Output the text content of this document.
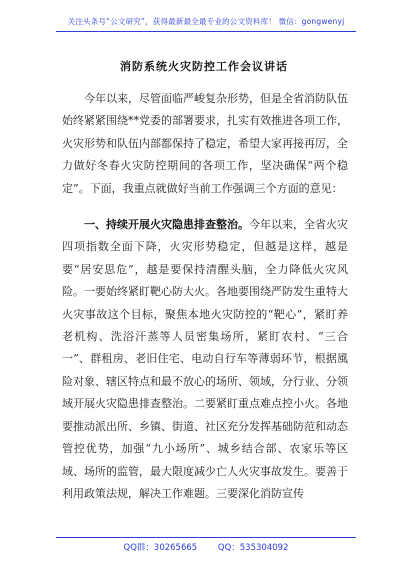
关注头条号“公文研究”，获得最新最全最专业的公文资料库！ 微信：gongwenyj
消防系统火灾防控工作会议讲话

今年以来，尽管面临严峻复杂形势，但是全省消防队伍始终紧紧围绕**党委的部署要求，扎实有效推进各项工作，火灾形势和队伍内部都保持了稳定，希望大家再接再厉，全力做好冬春火灾防控期间的各项工作，坚决确保“两个稳定”。下面，我重点就做好当前工作强调三个方面的意见：

一、持续开展火灾隐患排查整治。今年以来，全省火灾四项指数全面下降，火灾形势稳定，但越是这样，越是要“居安思危”，越是要保持清醒头脑，全力降低火灾风险。一要始终紧盯靶心防大火。各地要围绕严防发生重特大火灾事故这个目标，聚焦本地火灾防控的“靶心”，紧盯养老机构、洗浴汗蒸等人员密集场所，紧盯农村、“三合一”、群租房、老旧住宅、电动自行车等薄弱环节，根据風险对象、辖区特点和最不放心的场所、领域，分行业、分领域开展火灾隐患排查整治。二要紧盯重点难点控小火。各地要推动派出所、乡镇、街道、社区充分发挥基础防范和动态管控优势，加强“九小场所”、城乡结合部、农家乐等区域、场所的监管，最大限度减少亡人火灾事故发生。要善于利用政策法规，解决工作难题。三要深化消防宣传

QQ群：30265665 QQ：535304092
